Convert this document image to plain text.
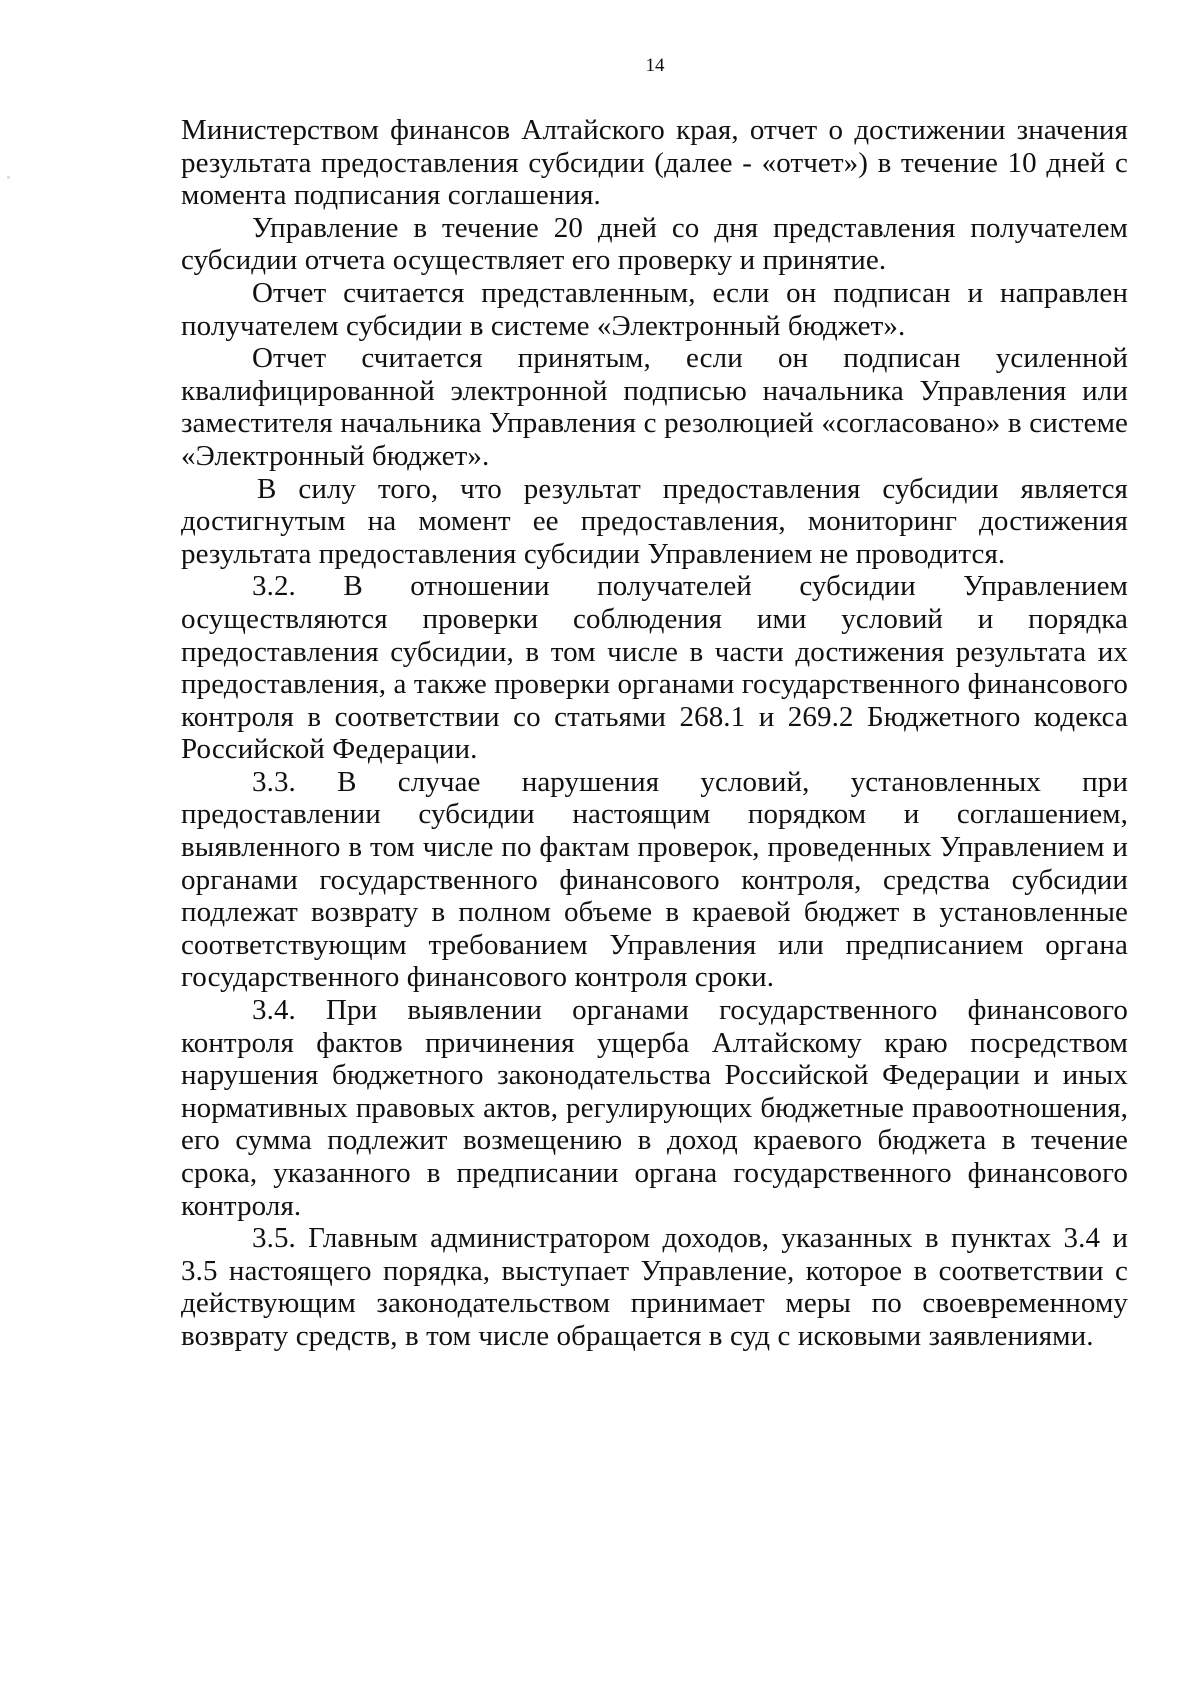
14

Министерством финансов Алтайского края, отчет о достижении значения результата предоставления субсидии (далее - «отчет») в течение 10 дней с момента подписания соглашения.

Управление в течение 20 дней со дня представления получателем субсидии отчета осуществляет его проверку и принятие.

Отчет считается представленным, если он подписан и направлен получателем субсидии в системе «Электронный бюджет».

Отчет считается принятым, если он подписан усиленной квалифицированной электронной подписью начальника Управления или заместителя начальника Управления с резолюцией «согласовано» в системе «Электронный бюджет».

В силу того, что результат предоставления субсидии является достигнутым на момент ее предоставления, мониторинг достижения результата предоставления субсидии Управлением не проводится.

3.2. В отношении получателей субсидии Управлением осуществляются проверки соблюдения ими условий и порядка предоставления субсидии, в том числе в части достижения результата их предоставления, а также проверки органами государственного финансового контроля в соответствии со статьями 268.1 и 269.2 Бюджетного кодекса Российской Федерации.

3.3. В случае нарушения условий, установленных при предоставлении субсидии настоящим порядком и соглашением, выявленного в том числе по фактам проверок, проведенных Управлением и органами государственного финансового контроля, средства субсидии подлежат возврату в полном объеме в краевой бюджет в установленные соответствующим требованием Управления или предписанием органа государственного финансового контроля сроки.

3.4. При выявлении органами государственного финансового контроля фактов причинения ущерба Алтайскому краю посредством нарушения бюджетного законодательства Российской Федерации и иных нормативных правовых актов, регулирующих бюджетные правоотношения, его сумма подлежит возмещению в доход краевого бюджета в течение срока, указанного в предписании органа государственного финансового контроля.

3.5. Главным администратором доходов, указанных в пунктах 3.4 и 3.5 настоящего порядка, выступает Управление, которое в соответствии с действующим законодательством принимает меры по своевременному возврату средств, в том числе обращается в суд с исковыми заявлениями.
